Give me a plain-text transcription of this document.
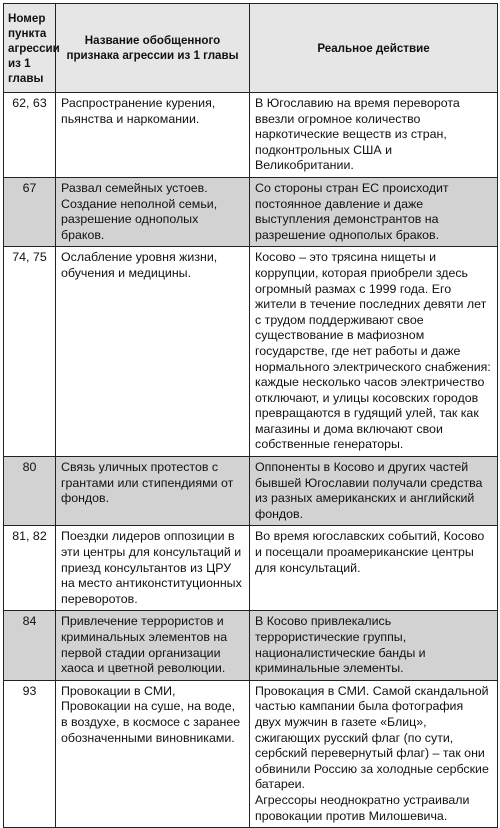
Номер пункта агрессии из 1 главы	Название обобщенного признака агрессии из 1 главы	Реальное действие
62, 63	Распространение курения, пьянства и наркомании.	В Югославию на время переворота ввезли огромное количество наркотические веществ из стран, подконтрольных США и Великобритании.
67	Развал семейных устоев. Создание неполной семьи, разрешение однополых браков.	Со стороны стран ЕС происходит постоянное давление и даже выступления демонстрантов на разрешение однополых браков.
74, 75	Ослабление уровня жизни, обучения и медицины.	Косово – это трясина нищеты и коррупции, которая приобрели здесь огромный размах с 1999 года. Его жители в течение последних девяти лет с трудом поддерживают свое существование в мафиозном государстве, где нет работы и даже нормального электрического снабжения: каждые несколько часов электричество отключают, и улицы косовских городов превращаются в гудящий улей, так как магазины и дома включают свои собственные генераторы.
80	Связь уличных протестов с грантами или стипендиями от фондов.	Оппоненты в Косово и других частей бывшей Югославии получали средства из разных американских и английский фондов.
81, 82	Поездки лидеров оппозиции в эти центры для консультаций и приезд консультантов из ЦРУ на место антиконституционных переворотов.	Во время югославских событий, Косово и посещали проамериканские центры для консультаций.
84	Привлечение террористов и криминальных элементов на первой стадии организации хаоса и цветной революции.	В Косово привлекались террористические группы, националистические банды и криминальные элементы.
93	Провокации в СМИ, Провокации на суше, на воде, в воздухе, в космосе с заранее обозначенными виновниками.	Провокация в СМИ. Самой скандальной частью кампании была фотография двух мужчин в газете «Блиц», сжигающих русский флаг (по сути, сербский перевернутый флаг) – так они обвинили Россию за холодные сербские батареи.
Агрессоры неоднократно устраивали провокации против Милошевича.
